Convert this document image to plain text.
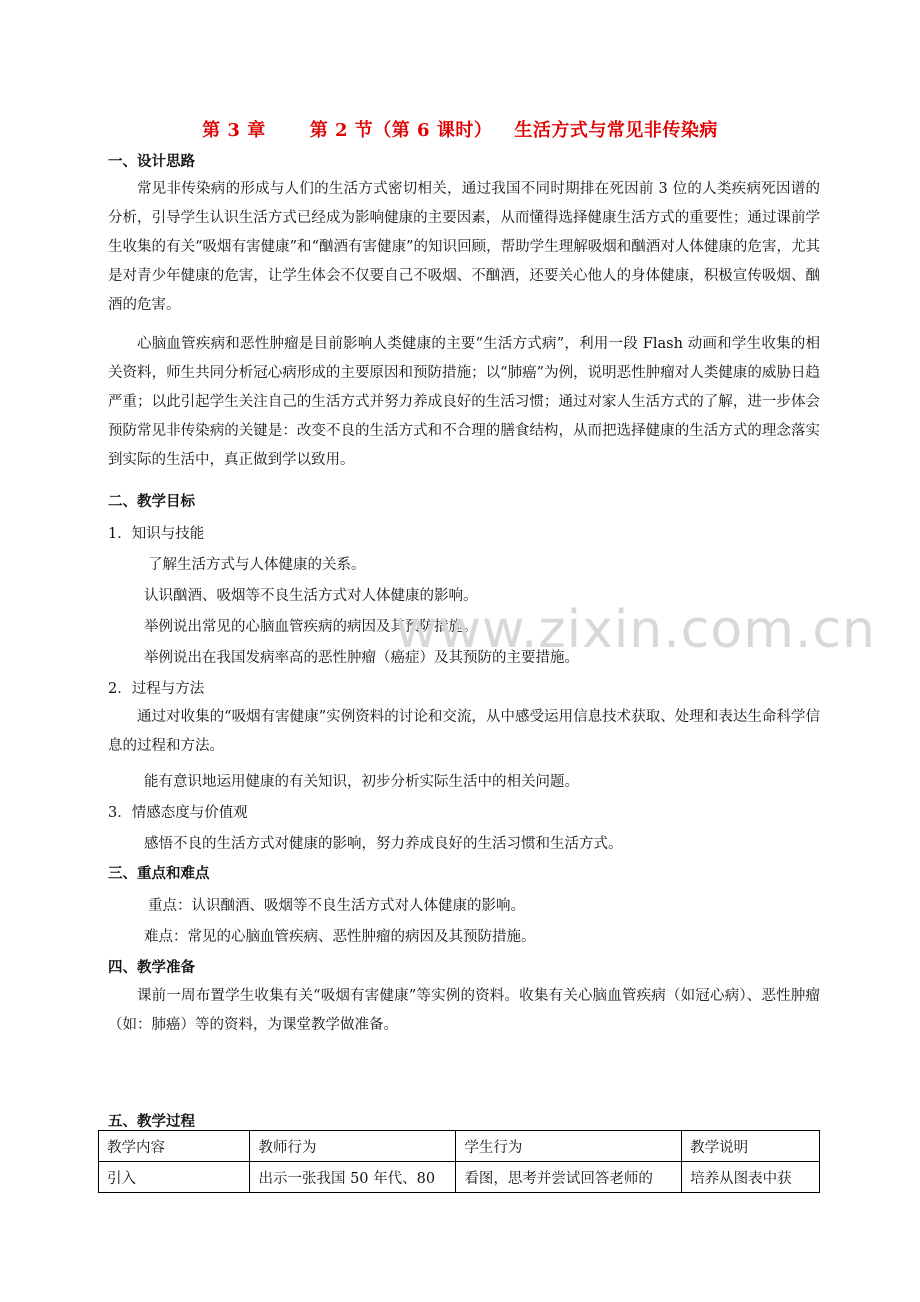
第 3 章 第 2 节（第 6 课时） 生活方式与常见非传染病
一、设计思路
常见非传染病的形成与人们的生活方式密切相关，通过我国不同时期排在死因前 3 位的人类疾病死因谱的分析，引导学生认识生活方式已经成为影响健康的主要因素，从而懂得选择健康生活方式的重要性；通过课前学生收集的有关“吸烟有害健康”和“酗酒有害健康”的知识回顾，帮助学生理解吸烟和酗酒对人体健康的危害，尤其是对青少年健康的危害，让学生体会不仅要自己不吸烟、不酗酒，还要关心他人的身体健康，积极宣传吸烟、酗酒的危害。
心脑血管疾病和恶性肿瘤是目前影响人类健康的主要“生活方式病”，利用一段 Flash 动画和学生收集的相关资料，师生共同分析冠心病形成的主要原因和预防措施；以“肺癌”为例，说明恶性肿瘤对人类健康的威胁日趋严重；以此引起学生关注自己的生活方式并努力养成良好的生活习惯；通过对家人生活方式的了解，进一步体会预防常见非传染病的关键是：改变不良的生活方式和不合理的膳食结构，从而把选择健康的生活方式的理念落实到实际的生活中，真正做到学以致用。
二、教学目标
1．知识与技能
了解生活方式与人体健康的关系。
认识酗酒、吸烟等不良生活方式对人体健康的影响。
举例说出常见的心脑血管疾病的病因及其预防措施。
举例说出在我国发病率高的恶性肿瘤（癌症）及其预防的主要措施。
www.zixin.com.cn
2．过程与方法
通过对收集的“吸烟有害健康”实例资料的讨论和交流，从中感受运用信息技术获取、处理和表达生命科学信息的过程和方法。
能有意识地运用健康的有关知识，初步分析实际生活中的相关问题。
3．情感态度与价值观
感悟不良的生活方式对健康的影响，努力养成良好的生活习惯和生活方式。
三、重点和难点
重点：认识酗酒、吸烟等不良生活方式对人体健康的影响。
难点：常见的心脑血管疾病、恶性肿瘤的病因及其预防措施。
四、教学准备
课前一周布置学生收集有关“吸烟有害健康”等实例的资料。收集有关心脑血管疾病（如冠心病）、恶性肿瘤（如：肺癌）等的资料，为课堂教学做准备。
五、教学过程
教学内容	教师行为	学生行为	教学说明
引入	出示一张我国 50 年代、80	看图，思考并尝试回答老师的	培养从图表中获
